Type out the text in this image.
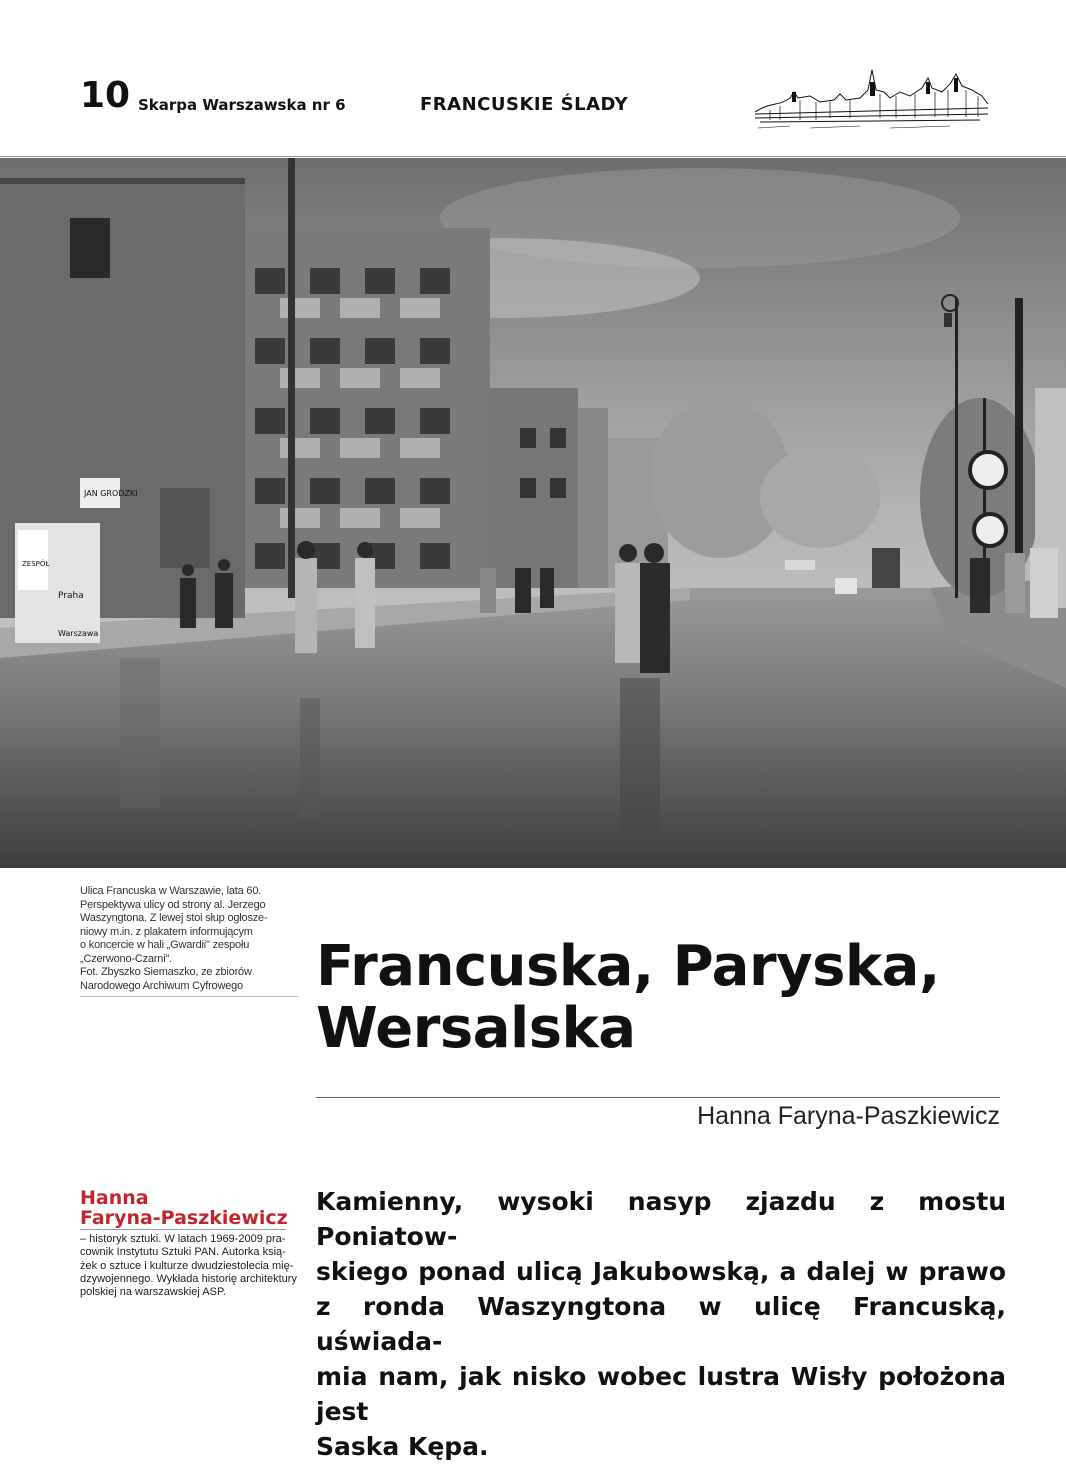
10 Skarpa Warszawska nr 6	FRANCUSKIE ŚLADY
JAN GRODZKI
Praha
Warszawa
ZESPÓŁ
Ulica Francuska w Warszawie, lata 60.
Perspektywa ulicy od strony al. Jerzego
Waszyngtona. Z lewej stoi słup ogłosze-
niowy m.in. z plakatem informującym
o koncercie w hali „Gwardii" zespołu
„Czerwono-Czarni".
Fot. Zbyszko Siemaszko, ze zbiorów
Narodowego Archiwum Cyfrowego	Francuska, Paryska,
Wersalska
Hanna Faryna-Paszkiewicz
Hanna
Faryna-Paszkiewicz
– historyk sztuki. W latach 1969-2009 pra-
cownik Instytutu Sztuki PAN. Autorka ksią-
żek o sztuce i kulturze dwudziestolecia mię-
dzywojennego. Wykłada historię architektury
polskiej na warszawskiej ASP.
Kamienny, wysoki nasyp zjazdu z mostu Poniatow-
skiego ponad ulicą Jakubowską, a dalej w prawo
z ronda Waszyngtona w ulicę Francuską, uświada-
mia nam, jak nisko wobec lustra Wisły położona jest
Saska Kępa.
